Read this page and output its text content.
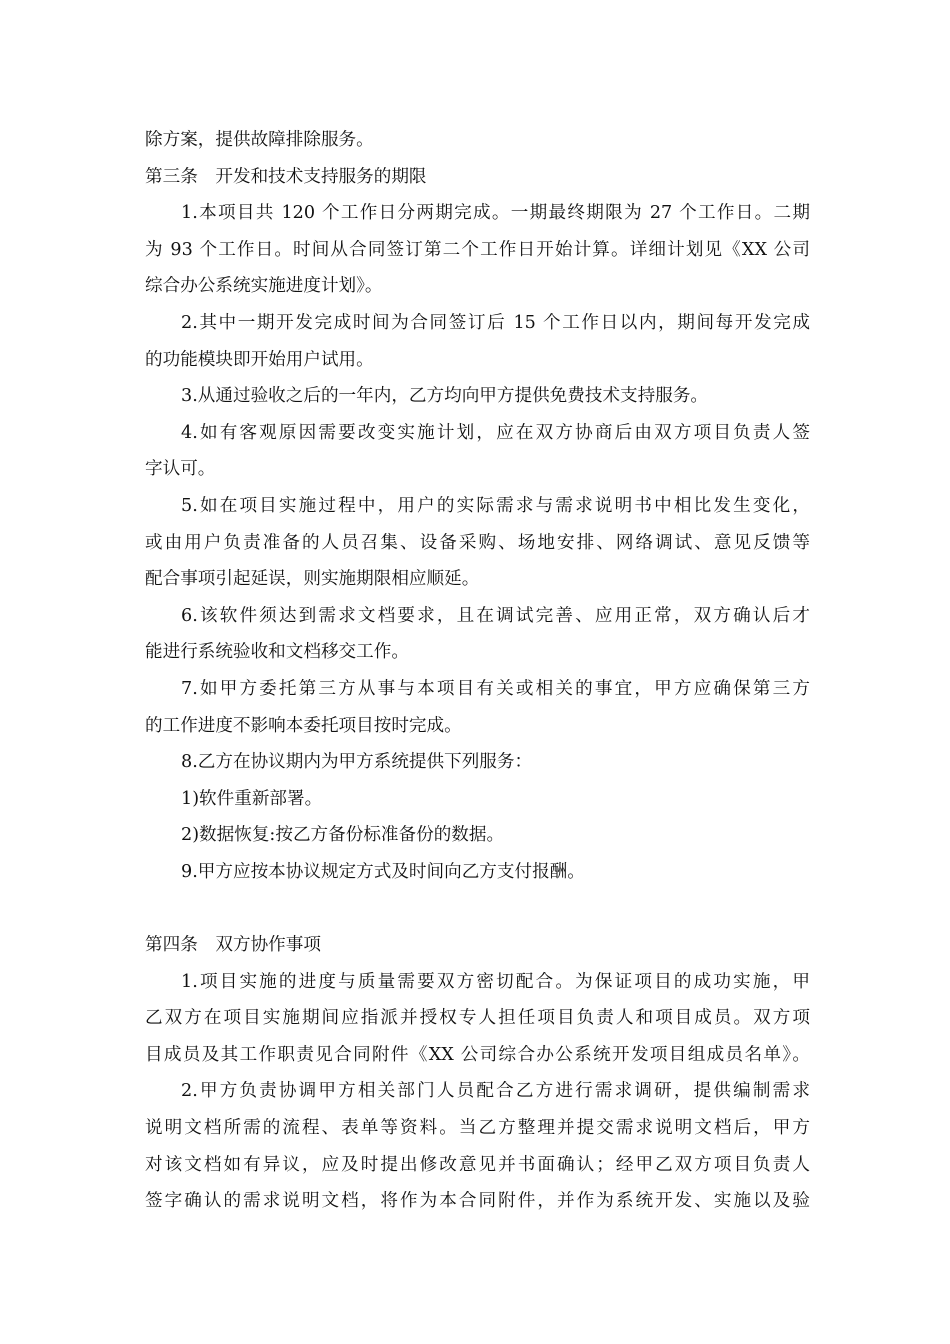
除方案，提供故障排除服务。
第三条　开发和技术支持服务的期限
1.本项目共 120 个工作日分两期完成。一期最终期限为 27 个工作日。二期
为 93 个工作日。时间从合同签订第二个工作日开始计算。详细计划见《XX 公司
综合办公系统实施进度计划》。
2.其中一期开发完成时间为合同签订后 15 个工作日以内，期间每开发完成
的功能模块即开始用户试用。
3.从通过验收之后的一年内，乙方均向甲方提供免费技术支持服务。
4.如有客观原因需要改变实施计划，应在双方协商后由双方项目负责人签
字认可。
5.如在项目实施过程中，用户的实际需求与需求说明书中相比发生变化，
或由用户负责准备的人员召集、设备采购、场地安排、网络调试、意见反馈等
配合事项引起延误，则实施期限相应顺延。
6.该软件须达到需求文档要求，且在调试完善、应用正常，双方确认后才
能进行系统验收和文档移交工作。
7.如甲方委托第三方从事与本项目有关或相关的事宜，甲方应确保第三方
的工作进度不影响本委托项目按时完成。
8.乙方在协议期内为甲方系统提供下列服务：
1)软件重新部署。
2)数据恢复:按乙方备份标准备份的数据。
9.甲方应按本协议规定方式及时间向乙方支付报酬。
第四条　双方协作事项
1.项目实施的进度与质量需要双方密切配合。为保证项目的成功实施，甲
乙双方在项目实施期间应指派并授权专人担任项目负责人和项目成员。双方项
目成员及其工作职责见合同附件《XX 公司综合办公系统开发项目组成员名单》。
2.甲方负责协调甲方相关部门人员配合乙方进行需求调研，提供编制需求
说明文档所需的流程、表单等资料。当乙方整理并提交需求说明文档后，甲方
对该文档如有异议，应及时提出修改意见并书面确认；经甲乙双方项目负责人
签字确认的需求说明文档，将作为本合同附件，并作为系统开发、实施以及验
